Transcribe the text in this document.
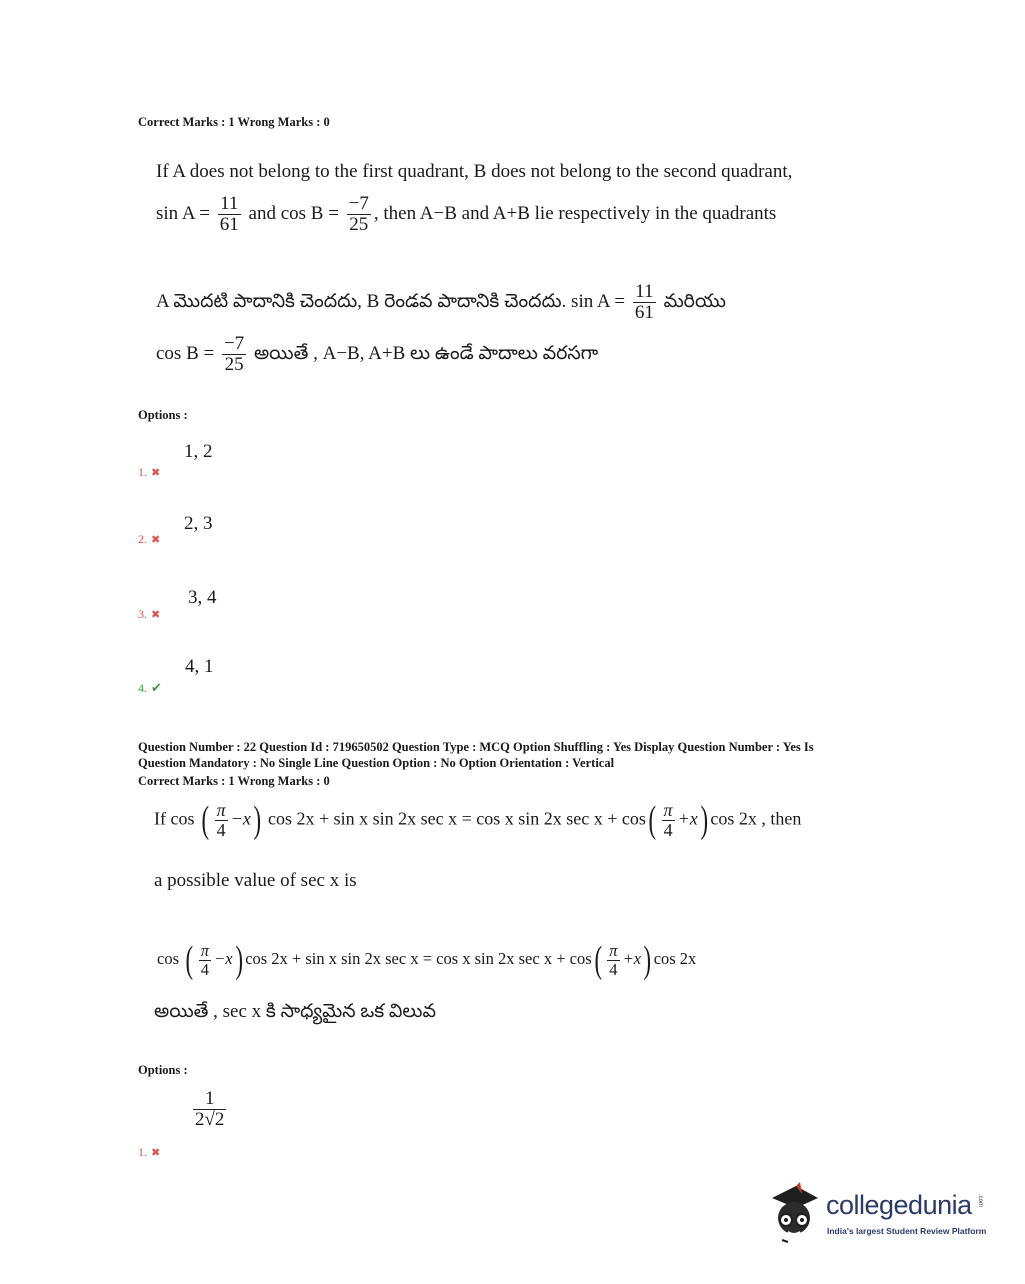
Correct Marks : 1 Wrong Marks : 0
If A does not belong to the first quadrant, B does not belong to the second quadrant,
$\sin A = \frac{11}{61}$ and $\cos B = \frac{-7}{25}$ , then A−B and A+B lie respectively in the quadrants
A మొదటి పాదానికి చెందదు, B రెండవ పాదానికి చెందదు. $\sin A = \frac{11}{61}$ మరియు
$\cos B = \frac{-7}{25}$ అయితే , A−B, A+B లు ఉండే పాదాలు వరసగా
Options :
1, 2
1. ✖
2, 3
2. ✖
3, 4
3. ✖
4, 1
4. ✔
Question Number : 22 Question Id : 719650502 Question Type : MCQ Option Shuffling : Yes Display Question Number : Yes Is
Question Mandatory : No Single Line Question Option : No Option Orientation : Vertical
Correct Marks : 1 Wrong Marks : 0
If cos ( $\frac{\pi}{4} -x$) cos 2x + sin x sin 2x sec x = cos x sin 2x $\sec x + \cos( \frac{\pi}{4} +x)$ cos 2x , then
a possible value of sec x is
cos ( $\frac{\pi}{4} -x$) cos 2x + sin x sin 2x sec x = cos x sin 2x $\sec x + \cos( \frac{\pi}{4} +x)$ cos 2x
అయితే , sec x కి సాధ్యమైన ఒక విలువ
Options :
$\frac{1}{2√2}$
1. ✖
collegedunia .com
India's largest Student Review Platform
